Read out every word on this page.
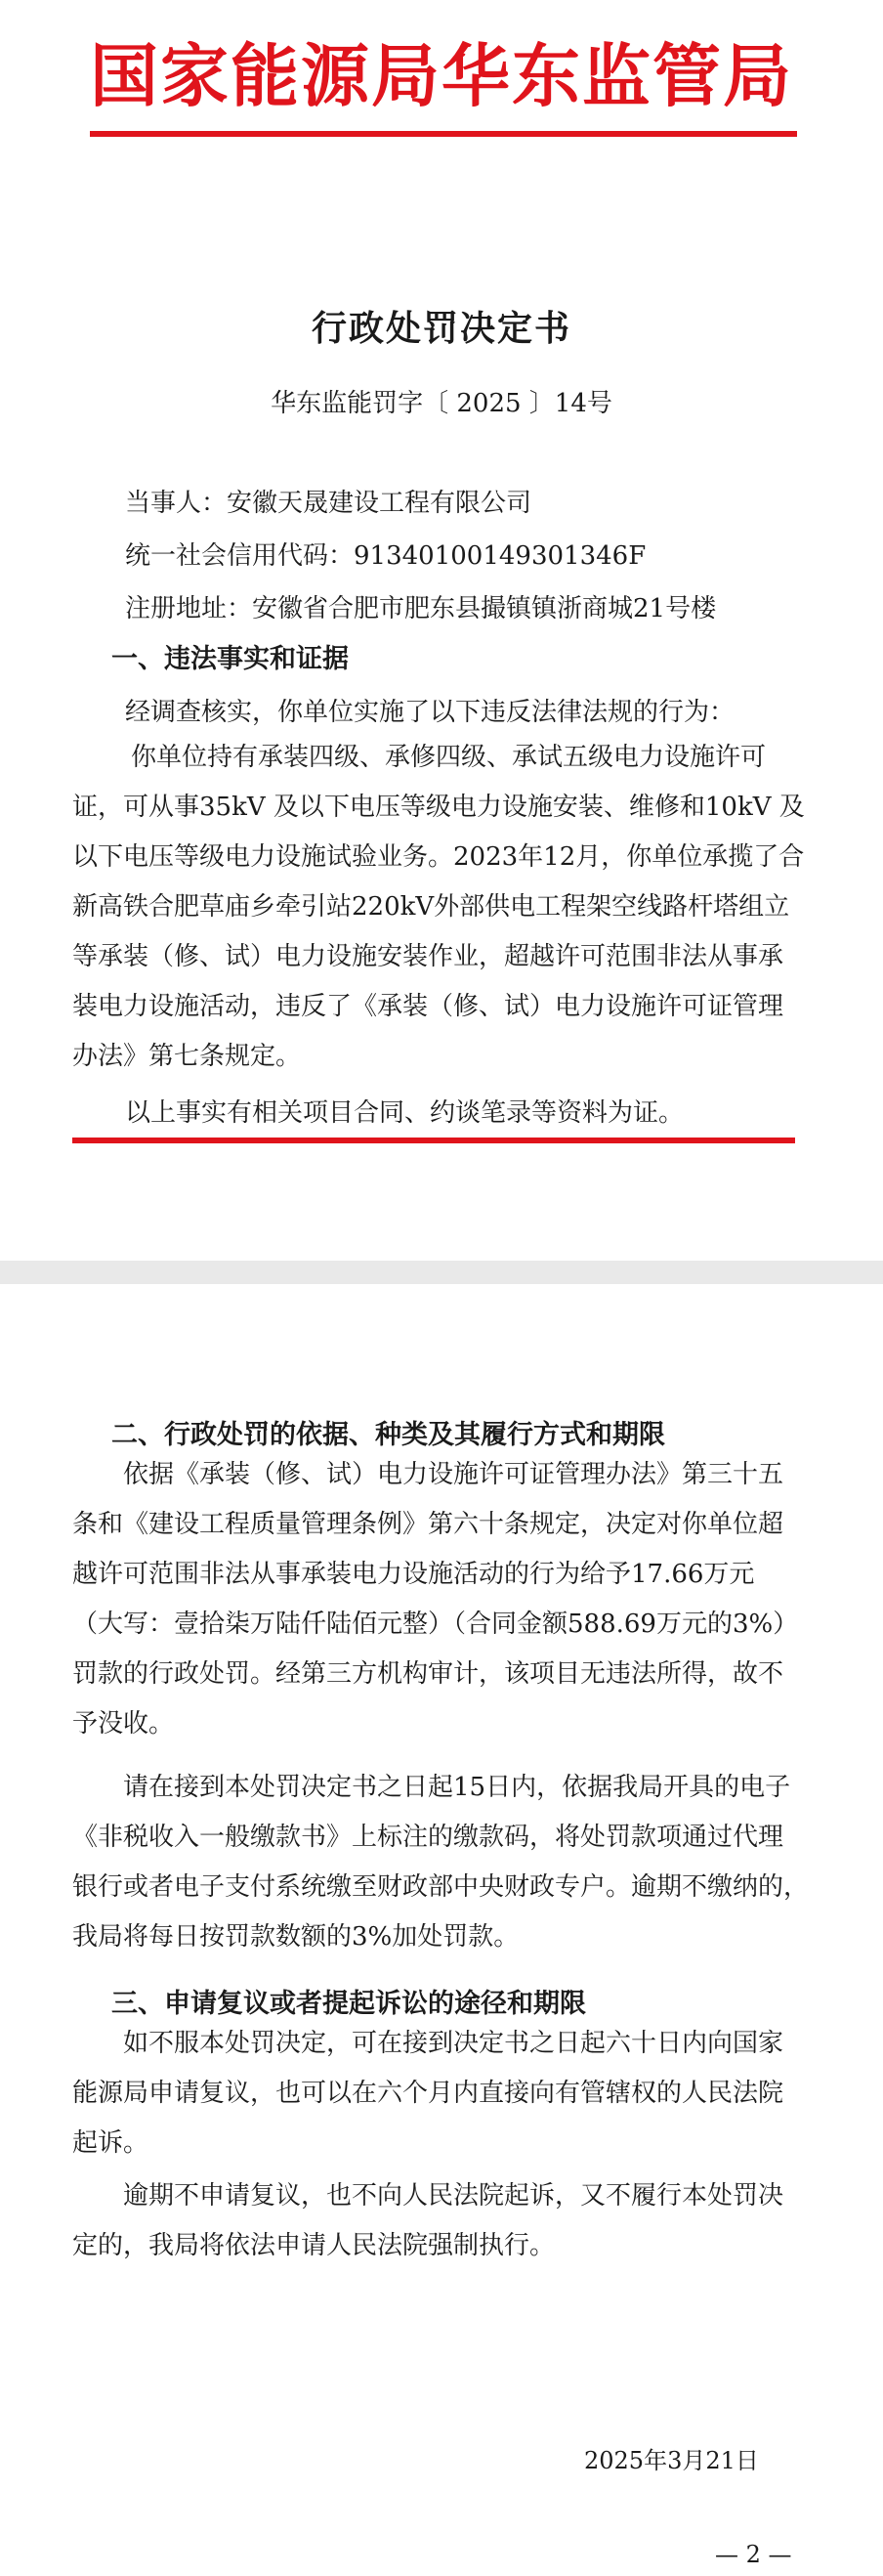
国家能源局华东监管局
行政处罚决定书
华东监能罚字〔 2025 〕14号
当事人：安徽天晟建设工程有限公司
统一社会信用代码：91340100149301346F
注册地址：安徽省合肥市肥东县撮镇镇浙商城21号楼
一、违法事实和证据
经调查核实，你单位实施了以下违反法律法规的行为：
你单位持有承装四级、承修四级、承试五级电力设施许可
证，可从事35kV 及以下电压等级电力设施安装、维修和10kV 及
以下电压等级电力设施试验业务。2023年12月，你单位承揽了合
新高铁合肥草庙乡牵引站220kV外部供电工程架空线路杆塔组立
等承装（修、试）电力设施安装作业，超越许可范围非法从事承
装电力设施活动，违反了《承装（修、试）电力设施许可证管理
办法》第七条规定。
以上事实有相关项目合同、约谈笔录等资料为证。
二、行政处罚的依据、种类及其履行方式和期限
依据《承装（修、试）电力设施许可证管理办法》第三十五
条和《建设工程质量管理条例》第六十条规定，决定对你单位超
越许可范围非法从事承装电力设施活动的行为给予17.66万元
（大写：壹拾柒万陆仟陆佰元整）（合同金额588.69万元的3%）
罚款的行政处罚。经第三方机构审计，该项目无违法所得，故不
予没收。
请在接到本处罚决定书之日起15日内，依据我局开具的电子
《非税收入一般缴款书》上标注的缴款码，将处罚款项通过代理
银行或者电子支付系统缴至财政部中央财政专户。逾期不缴纳的，
我局将每日按罚款数额的3%加处罚款。
三、申请复议或者提起诉讼的途径和期限
如不服本处罚决定，可在接到决定书之日起六十日内向国家
能源局申请复议，也可以在六个月内直接向有管辖权的人民法院
起诉。
逾期不申请复议，也不向人民法院起诉，又不履行本处罚决
定的，我局将依法申请人民法院强制执行。
2025年3月21日
— 2 —
